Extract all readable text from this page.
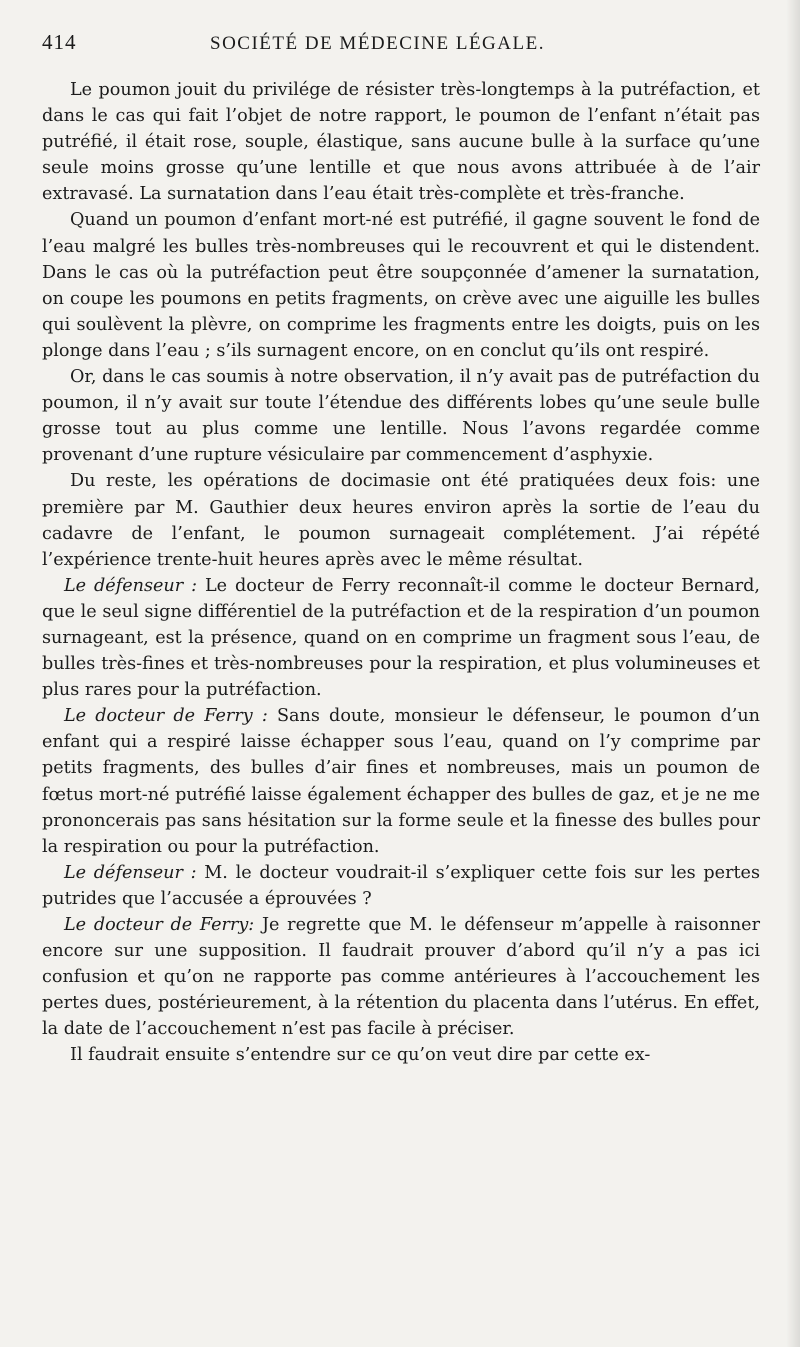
414	SOCIÉTÉ DE MÉDECINE LÉGALE.

Le poumon jouit du privilége de résister très-longtemps à la putréfaction, et dans le cas qui fait l’objet de notre rapport, le poumon de l’enfant n’était pas putréfié, il était rose, souple, élastique, sans aucune bulle à la surface qu’une seule moins grosse qu’une lentille et que nous avons attribuée à de l’air extravasé. La surnatation dans l’eau était très-complète et très-franche.

Quand un poumon d’enfant mort-né est putréfié, il gagne souvent le fond de l’eau malgré les bulles très-nombreuses qui le recouvrent et qui le distendent. Dans le cas où la putréfaction peut être soupçonnée d’amener la surnatation, on coupe les poumons en petits fragments, on crève avec une aiguille les bulles qui soulèvent la plèvre, on comprime les fragments entre les doigts, puis on les plonge dans l’eau ; s’ils surnagent encore, on en conclut qu’ils ont respiré.

Or, dans le cas soumis à notre observation, il n’y avait pas de putréfaction du poumon, il n’y avait sur toute l’étendue des différents lobes qu’une seule bulle grosse tout au plus comme une lentille. Nous l’avons regardée comme provenant d’une rupture vésiculaire par commencement d’asphyxie.

Du reste, les opérations de docimasie ont été pratiquées deux fois: une première par M. Gauthier deux heures environ après la sortie de l’eau du cadavre de l’enfant, le poumon surnageait complétement. J’ai répété l’expérience trente-huit heures après avec le même résultat.

Le défenseur : Le docteur de Ferry reconnaît-il comme le docteur Bernard, que le seul signe différentiel de la putréfaction et de la respiration d’un poumon surnageant, est la présence, quand on en comprime un fragment sous l’eau, de bulles très-fines et très-nombreuses pour la respiration, et plus volumineuses et plus rares pour la putréfaction.

Le docteur de Ferry : Sans doute, monsieur le défenseur, le poumon d’un enfant qui a respiré laisse échapper sous l’eau, quand on l’y comprime par petits fragments, des bulles d’air fines et nombreuses, mais un poumon de fœtus mort-né putréfié laisse également échapper des bulles de gaz, et je ne me prononcerais pas sans hésitation sur la forme seule et la finesse des bulles pour la respiration ou pour la putréfaction.

Le défenseur : M. le docteur voudrait-il s’expliquer cette fois sur les pertes putrides que l’accusée a éprouvées ?

Le docteur de Ferry: Je regrette que M. le défenseur m’appelle à raisonner encore sur une supposition. Il faudrait prouver d’abord qu’il n’y a pas ici confusion et qu’on ne rapporte pas comme antérieures à l’accouchement les pertes dues, postérieurement, à la rétention du placenta dans l’utérus. En effet, la date de l’accouchement n’est pas facile à préciser.

Il faudrait ensuite s’entendre sur ce qu’on veut dire par cette ex-
